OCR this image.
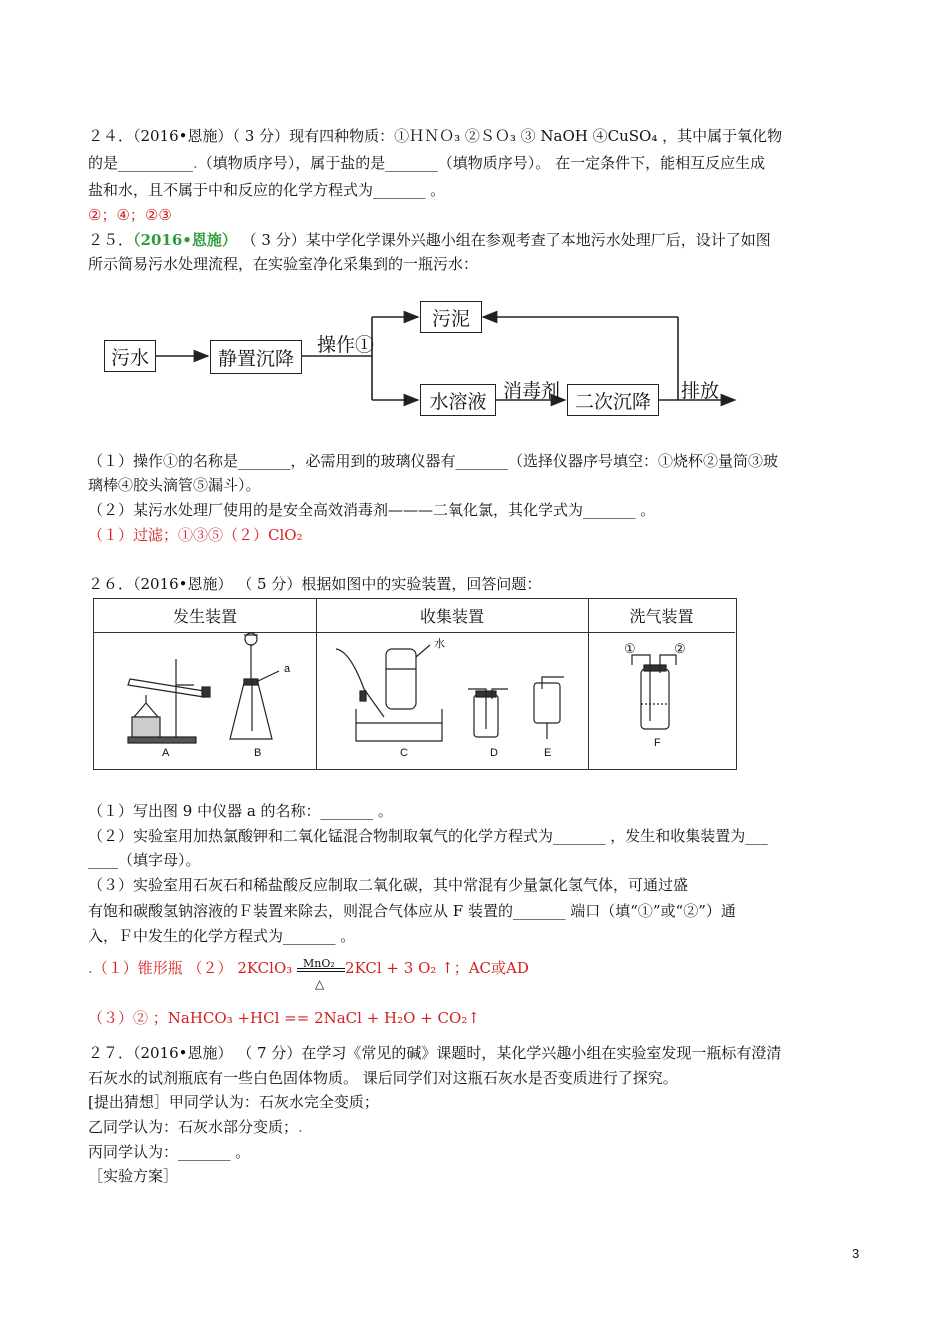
２４．（2016•恩施）（ 3 分）现有四种物质：①ＨＮＯ₃ ②ＳＯ₃ ③ NaOH ④CuSO₄ ，其中属于氧化物
的是__________.（填物质序号），属于盐的是_______（填物质序号）。 在一定条件下，能相互反应生成
盐和水，且不属于中和反应的化学方程式为_______ 。
②；④；②③
２５．（2016•恩施） （ 3 分）某中学化学课外兴趣小组在参观考查了本地污水处理厂后，设计了如图
所示简易污水处理流程，在实验室净化采集到的一瓶污水：
污水	静置沉降
操作①
污泥
水溶液 消毒剂 二次沉降	排放
（１）操作①的名称是_______，必需用到的玻璃仪器有_______（选择仪器序号填空：①烧杯②量筒③玻
璃棒④胶头滴管⑤漏斗）。
（２）某污水处理厂使用的是安全高效消毒剂———二氧化氯，其化学式为_______ 。
（１）过滤；①③⑤（２）ClO₂
２６．（2016•恩施） （ 5 分）根据如图中的实验装置，回答问题：
发生装置	收集装置	洗气装置
A	B
a
水
C	D	E
①	②
F
（１）写出图 9 中仪器 a 的名称：_______ 。
（２）实验室用加热氯酸钾和二氧化锰混合物制取氧气的化学方程式为_______ ，发生和收集装置为___
____（填字母）。
（３）实验室用石灰石和稀盐酸反应制取二氧化碳，其中常混有少量氯化氢气体，可通过盛
有饱和碳酸氢钠溶液的Ｆ装置来除去，则混合气体应从 F 装置的_______ 端口（填“①”或“②”）通
入，Ｆ中发生的化学方程式为_______ 。
.（１）锥形瓶 （２） 2KClO₃ $\frac{\text{MnO₂}}{\triangle} 2KCl + 3$ O₂ ↑；AC或AD
（３）② ；NaHCO₃ +HCl == 2NaCl + H₂O + CO₂↑
２７．（2016•恩施） （ 7 分）在学习《常见的碱》课题时，某化学兴趣小组在实验室发现一瓶标有澄清
石灰水的试剂瓶底有一些白色固体物质。 课后同学们对这瓶石灰水是否变质进行了探究。
[提出猜想］甲同学认为：石灰水完全变质；
乙同学认为：石灰水部分变质；.
丙同学认为：_______ 。
［实验方案］
3
